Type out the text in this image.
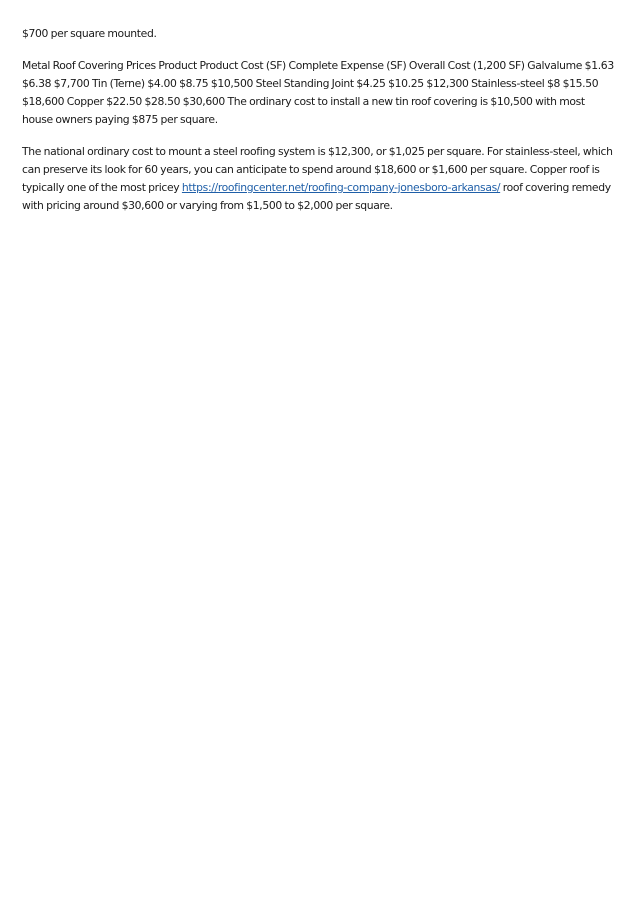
$700 per square mounted.

Metal Roof Covering Prices Product Product Cost (SF) Complete Expense (SF) Overall Cost (1,200 SF) Galvalume $1.63 $6.38 $7,700 Tin (Terne) $4.00 $8.75 $10,500 Steel Standing Joint $4.25 $10.25 $12,300 Stainless-steel $8 $15.50 $18,600 Copper $22.50 $28.50 $30,600 The ordinary cost to install a new tin roof covering is $10,500 with most house owners paying $875 per square.

The national ordinary cost to mount a steel roofing system is $12,300, or $1,025 per square. For stainless-steel, which can preserve its look for 60 years, you can anticipate to spend around $18,600 or $1,600 per square. Copper roof is typically one of the most pricey https://roofingcenter.net/roofing-company-jonesboro-arkansas/ roof covering remedy with pricing around $30,600 or varying from $1,500 to $2,000 per square.
